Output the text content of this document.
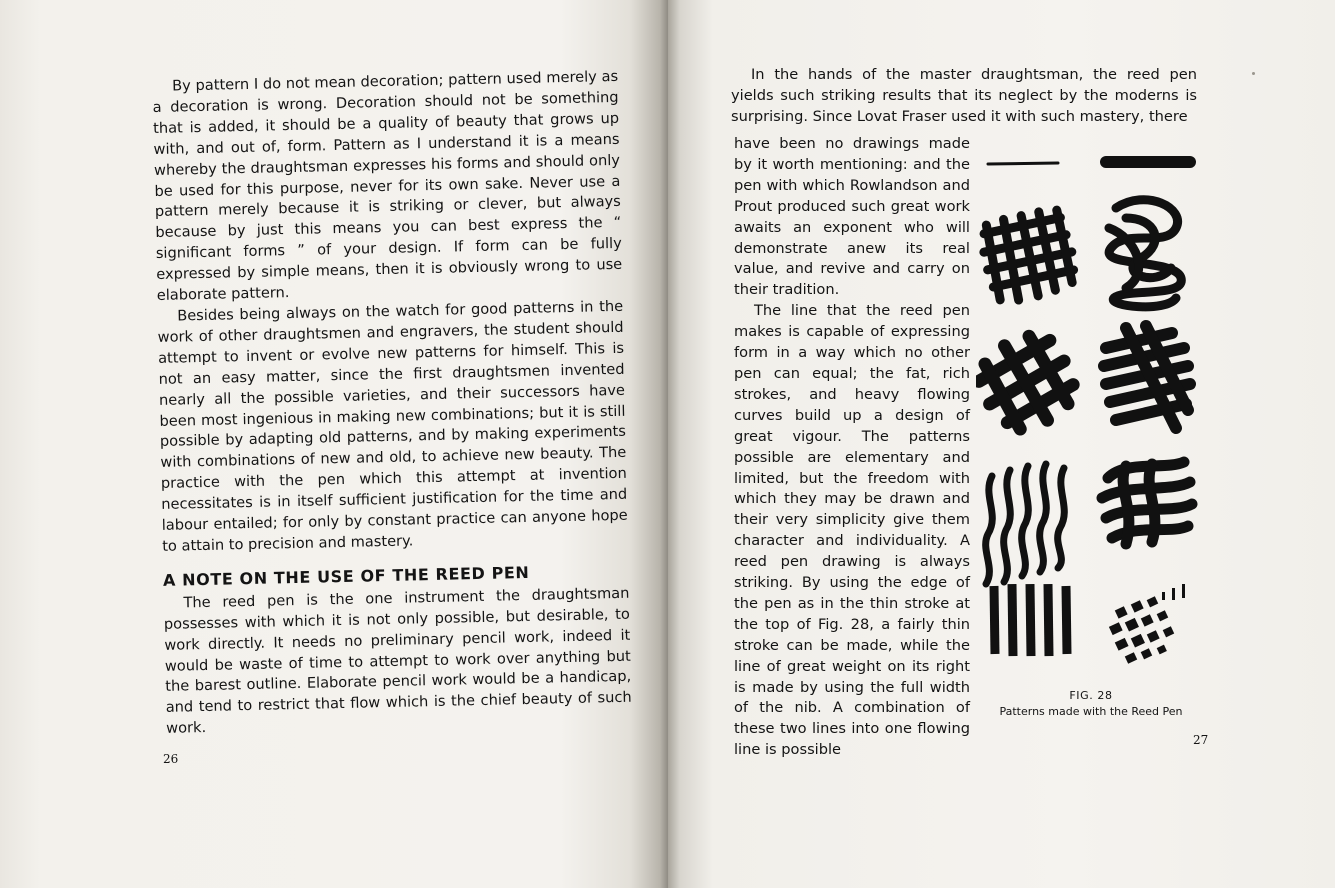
By pattern I do not mean decoration; pattern used merely as a decoration is wrong. Decoration should not be something that is added, it should be a quality of beauty that grows up with, and out of, form. Pattern as I understand it is a means whereby the draughtsman expresses his forms and should only be used for this purpose, never for its own sake. Never use a pattern merely because it is striking or clever, but always because by just this means you can best express the “ significant forms ” of your design. If form can be fully expressed by simple means, then it is obviously wrong to use elaborate pattern.

Besides being always on the watch for good patterns in the work of other draughtsmen and engravers, the student should attempt to invent or evolve new patterns for himself. This is not an easy matter, since the first draughtsmen invented nearly all the possible varieties, and their successors have been most ingenious in making new combinations; but it is still possible by adapting old patterns, and by making experiments with combinations of new and old, to achieve new beauty. The practice with the pen which this attempt at invention necessitates is in itself sufficient justification for the time and labour entailed; for only by constant practice can anyone hope to attain to precision and mastery.

A NOTE ON THE USE OF THE REED PEN

The reed pen is the one instrument the draughtsman possesses with which it is not only possible, but desirable, to work directly. It needs no preliminary pencil work, indeed it would be waste of time to attempt to work over anything but the barest outline. Elaborate pencil work would be a handicap, and tend to restrict that flow which is the chief beauty of such work.

26

In the hands of the master draughtsman, the reed pen yields such striking results that its neglect by the moderns is surprising. Since Lovat Fraser used it with such mastery, there

have been no drawings made by it worth mentioning: and the pen with which Rowlandson and Prout produced such great work awaits an exponent who will demonstrate anew its real value, and revive and carry on their tradition.

The line that the reed pen makes is capable of expressing form in a way which no other pen can equal; the fat, rich strokes, and heavy flowing curves build up a design of great vigour. The patterns possible are elementary and limited, but the freedom with which they may be drawn and their very simplicity give them character and individuality. A reed pen drawing is always striking. By using the edge of the pen as in the thin stroke at the top of Fig. 28, a fairly thin stroke can be made, while the line of great weight on its right is made by using the full width of the nib. A combination of these two lines into one flowing line is possible

FIG. 28
Patterns made with the Reed Pen
27
